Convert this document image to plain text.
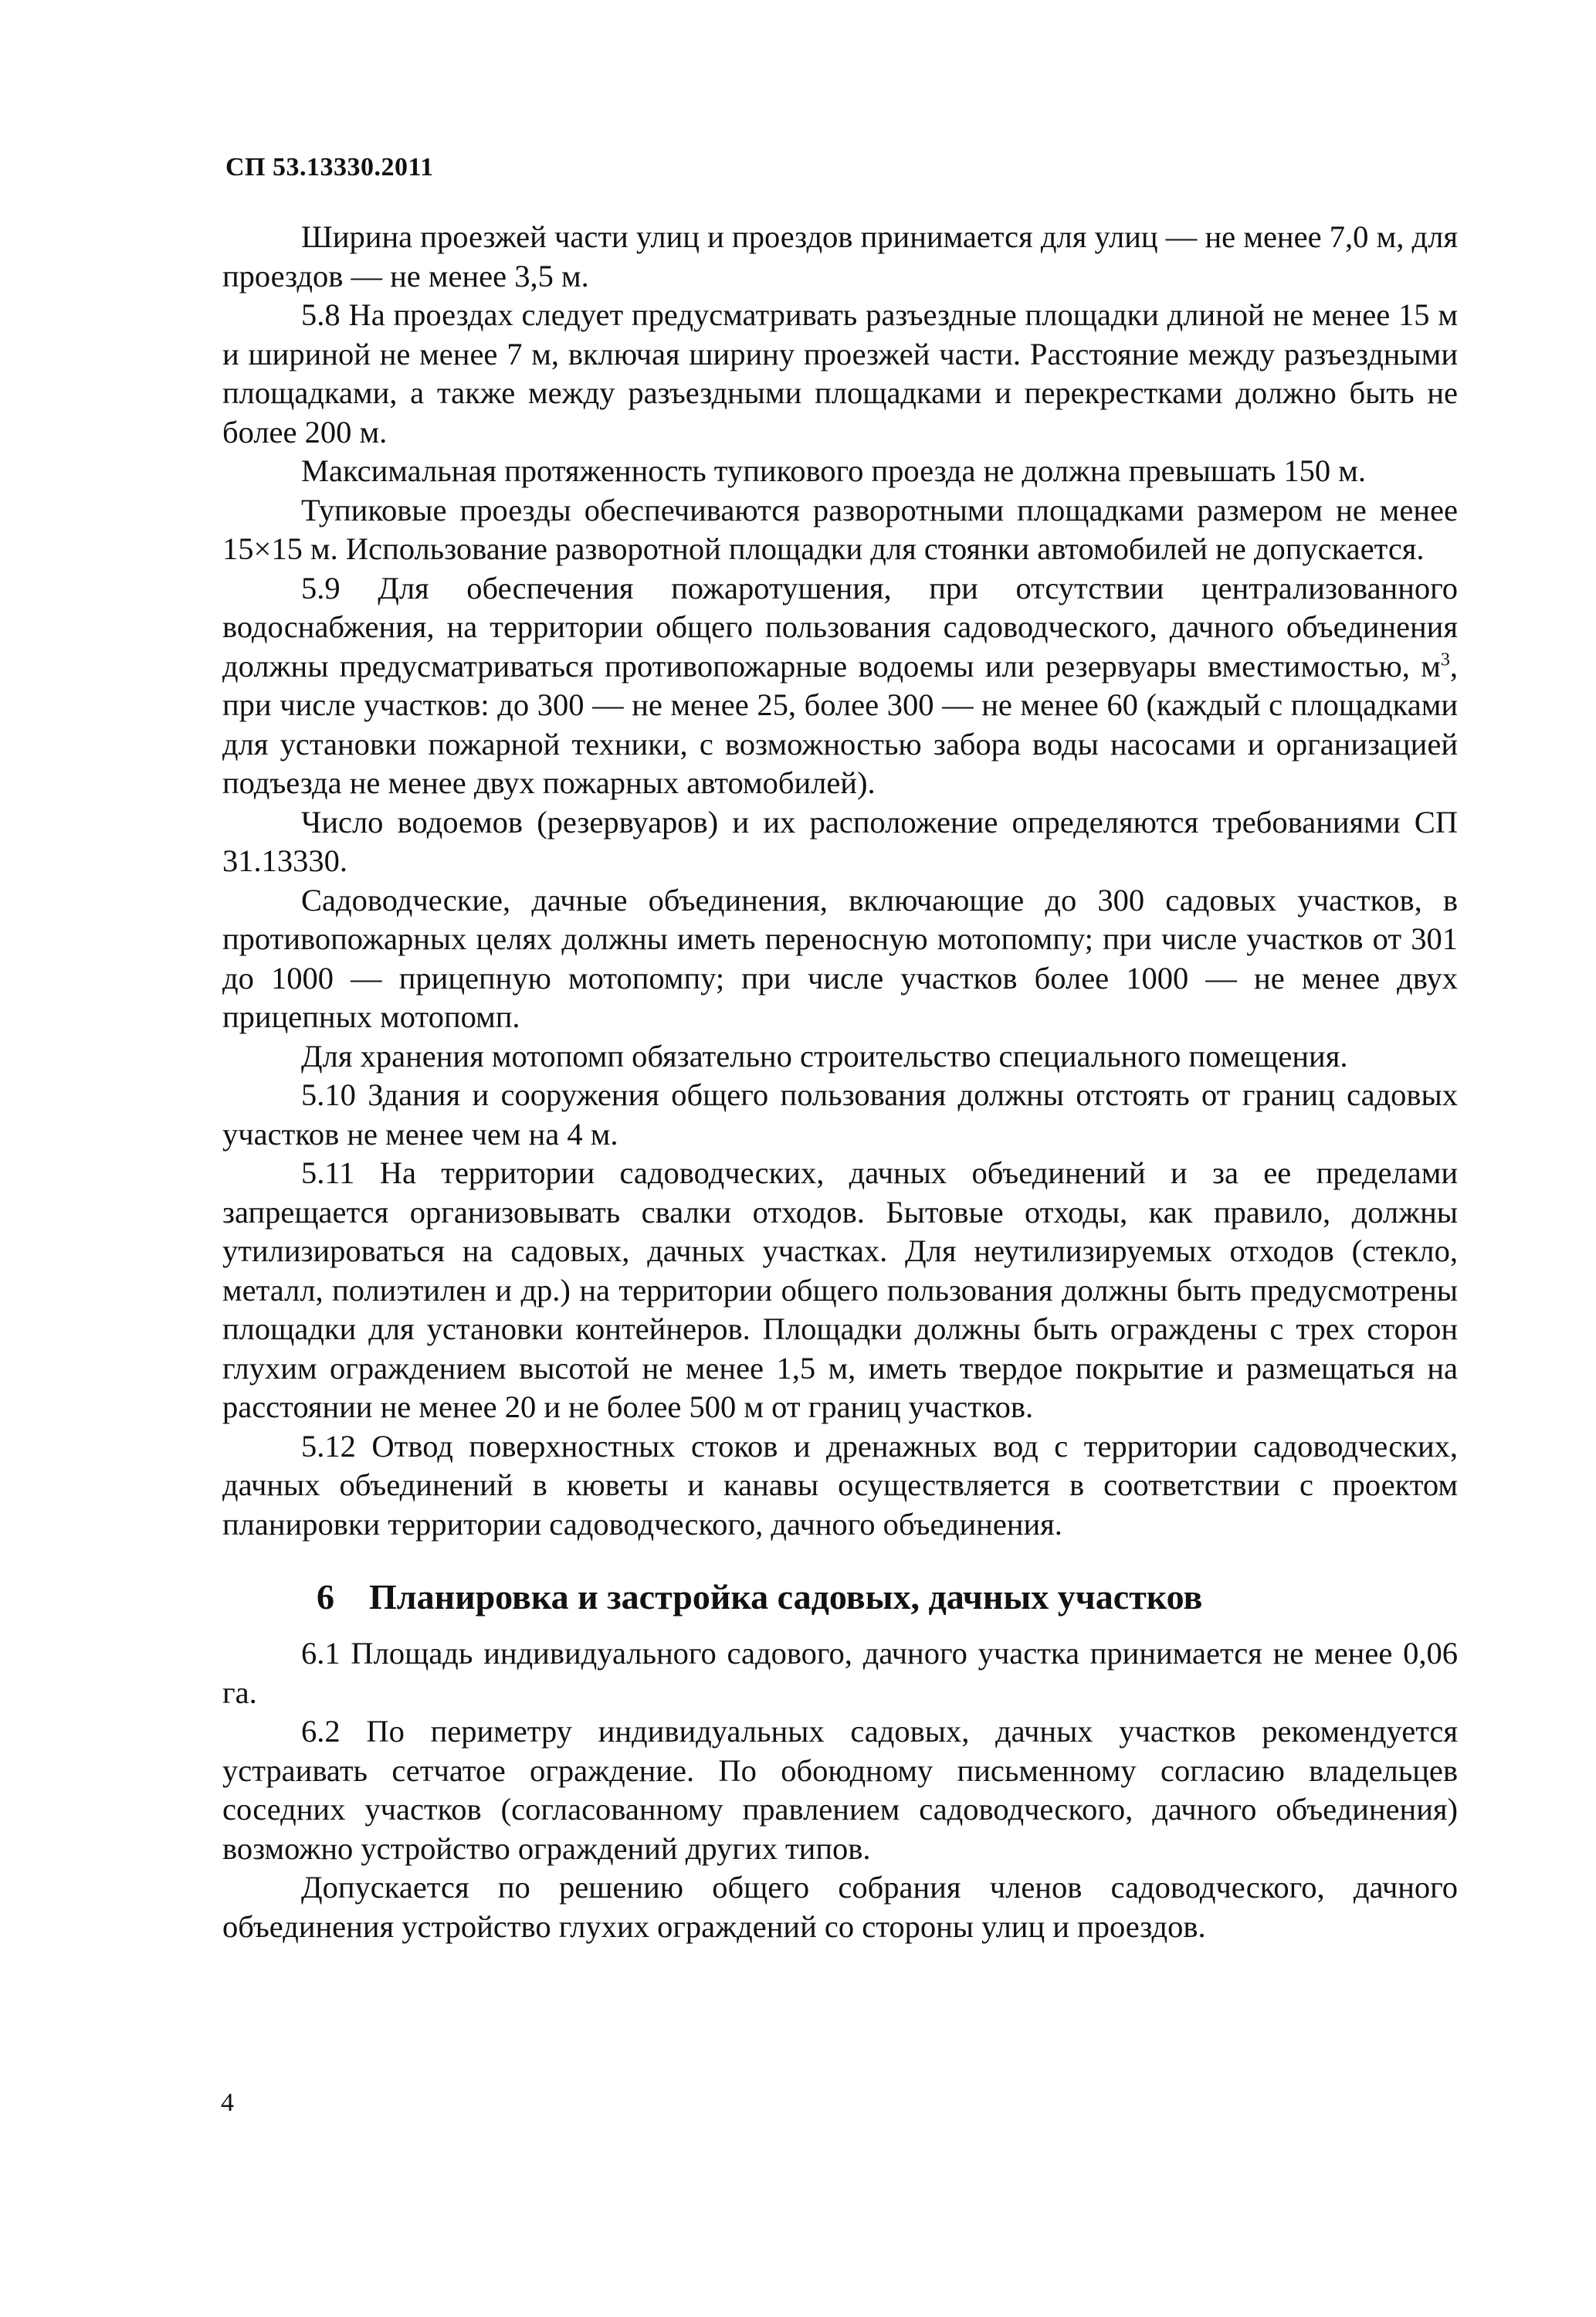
СП 53.13330.2011

Ширина проезжей части улиц и проездов принимается для улиц — не менее 7,0 м, для проездов — не менее 3,5 м.

5.8 На проездах следует предусматривать разъездные площадки длиной не менее 15 м и шириной не менее 7 м, включая ширину проезжей части. Расстояние между разъездными площадками, а также между разъездными площадками и перекрестками должно быть не более 200 м.

Максимальная протяженность тупикового проезда не должна превышать 150 м.

Тупиковые проезды обеспечиваются разворотными площадками размером не менее 15×15 м. Использование разворотной площадки для стоянки автомобилей не допускается.

5.9 Для обеспечения пожаротушения, при отсутствии централизованного водоснабжения, на территории общего пользования садоводческого, дачного объединения должны предусматриваться противопожарные водоемы или резервуары вместимостью, $м^3$, при числе участков: до 300 — не менее 25, более 300 — не менее 60 (каждый с площадками для установки пожарной техники, с возможностью забора воды насосами и организацией подъезда не менее двух пожарных автомобилей).

Число водоемов (резервуаров) и их расположение определяются требованиями СП 31.13330.

Садоводческие, дачные объединения, включающие до 300 садовых участков, в противопожарных целях должны иметь переносную мотопомпу; при числе участков от 301 до 1000 — прицепную мотопомпу; при числе участков более 1000 — не менее двух прицепных мотопомп.

Для хранения мотопомп обязательно строительство специального помещения.

5.10 Здания и сооружения общего пользования должны отстоять от границ садовых участков не менее чем на 4 м.

5.11 На территории садоводческих, дачных объединений и за ее пределами запрещается организовывать свалки отходов. Бытовые отходы, как правило, должны утилизироваться на садовых, дачных участках. Для неутилизируемых отходов (стекло, металл, полиэтилен и др.) на территории общего пользования должны быть предусмотрены площадки для установки контейнеров. Площадки должны быть ограждены с трех сторон глухим ограждением высотой не менее 1,5 м, иметь твердое покрытие и размещаться на расстоянии не менее 20 и не более 500 м от границ участков.

5.12 Отвод поверхностных стоков и дренажных вод с территории садоводческих, дачных объединений в кюветы и канавы осуществляется в соответствии с проектом планировки территории садоводческого, дачного объединения.

6 Планировка и застройка садовых, дачных участков

6.1 Площадь индивидуального садового, дачного участка принимается не менее 0,06 га.

6.2 По периметру индивидуальных садовых, дачных участков рекомендуется устраивать сетчатое ограждение. По обоюдному письменному согласию владельцев соседних участков (согласованному правлением садоводческого, дачного объединения) возможно устройство ограждений других типов.

Допускается по решению общего собрания членов садоводческого, дачного объединения устройство глухих ограждений со стороны улиц и проездов.

4
